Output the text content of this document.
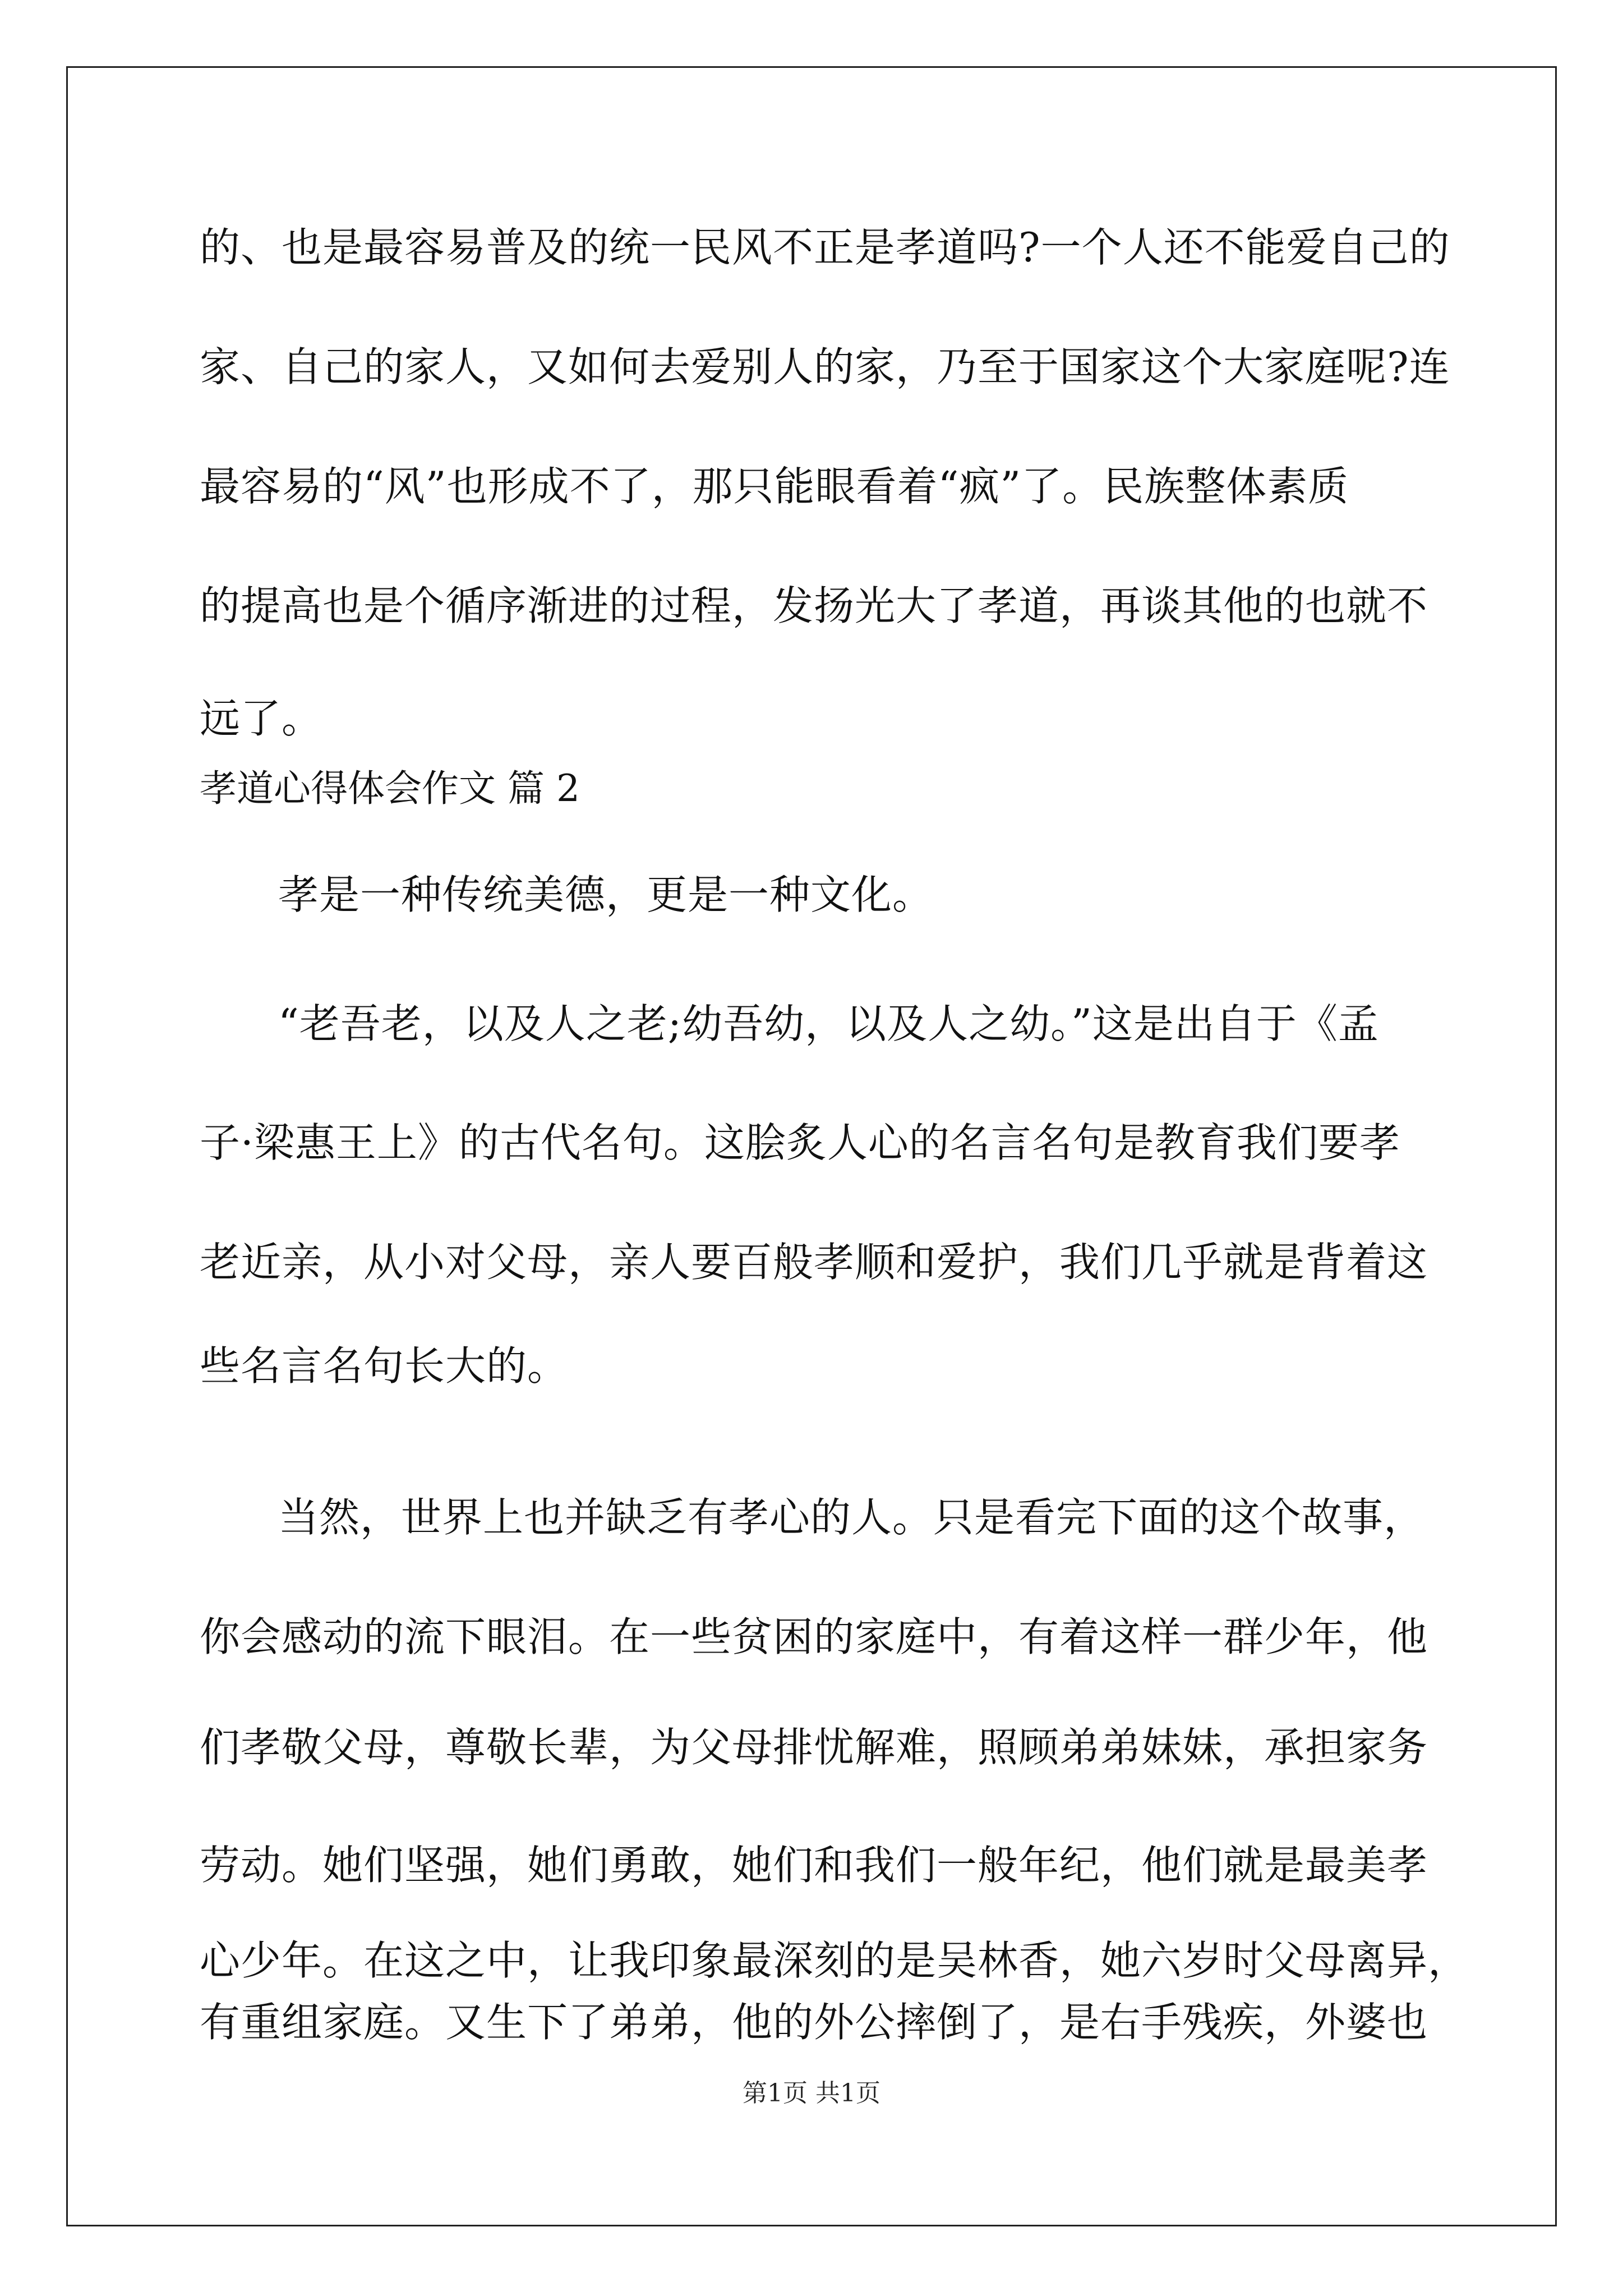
的、也是最容易普及的统一民风不正是孝道吗?一个人还不能爱自己的
家、自己的家人，又如何去爱别人的家，乃至于国家这个大家庭呢?连
最容易的“风”也形成不了，那只能眼看着“疯”了。民族整体素质
的提高也是个循序渐进的过程，发扬光大了孝道，再谈其他的也就不
远了。
孝道心得体会作文 篇 2
孝是一种传统美德，更是一种文化。
“老吾老，以及人之老;幼吾幼，以及人之幼。”这是出自于《孟
子·梁惠王上》的古代名句。这脍炙人心的名言名句是教育我们要孝
老近亲，从小对父母，亲人要百般孝顺和爱护，我们几乎就是背着这
些名言名句长大的。
当然，世界上也并缺乏有孝心的人。只是看完下面的这个故事，
你会感动的流下眼泪。在一些贫困的家庭中，有着这样一群少年，他
们孝敬父母，尊敬长辈，为父母排忧解难，照顾弟弟妹妹，承担家务
劳动。她们坚强，她们勇敢，她们和我们一般年纪，他们就是最美孝
心少年。在这之中，让我印象最深刻的是吴林香，她六岁时父母离异，
有重组家庭。又生下了弟弟，他的外公摔倒了，是右手残疾，外婆也
第1页 共1页
